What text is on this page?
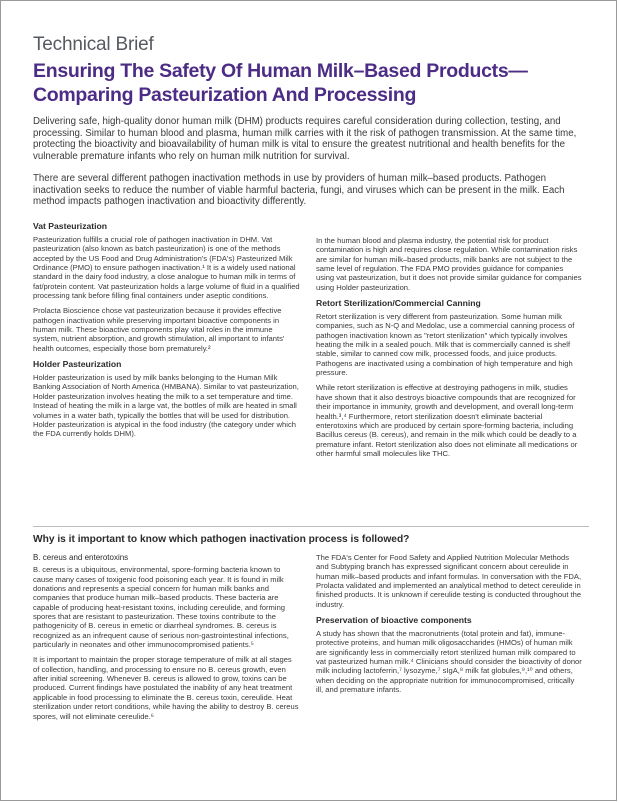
Technical Brief
Ensuring The Safety Of Human Milk–Based Products—Comparing Pasteurization And Processing

Delivering safe, high-quality donor human milk (DHM) products requires careful consideration during collection, testing, and processing. Similar to human blood and plasma, human milk carries with it the risk of pathogen transmission. At the same time, protecting the bioactivity and bioavailability of human milk is vital to ensure the greatest nutritional and health benefits for the vulnerable premature infants who rely on human milk nutrition for survival.

There are several different pathogen inactivation methods in use by providers of human milk–based products. Pathogen inactivation seeks to reduce the number of viable harmful bacteria, fungi, and viruses which can be present in the milk. Each method impacts pathogen inactivation and bioactivity differently.

Vat Pasteurization

Pasteurization fulfills a crucial role of pathogen inactivation in DHM. Vat pasteurization (also known as batch pasteurization) is one of the methods accepted by the US Food and Drug Administration's (FDA's) Pasteurized Milk Ordinance (PMO) to ensure pathogen inactivation.¹ It is a widely used national standard in the dairy food industry, a close analogue to human milk in terms of fat/protein content. Vat pasteurization holds a large volume of fluid in a qualified processing tank before filling final containers under aseptic conditions.

Prolacta Bioscience chose vat pasteurization because it provides effective pathogen inactivation while preserving important bioactive components in human milk. These bioactive components play vital roles in the immune system, nutrient absorption, and growth stimulation, all important to infants' health outcomes, especially those born prematurely.²

Holder Pasteurization

Holder pasteurization is used by milk banks belonging to the Human Milk Banking Association of North America (HMBANA). Similar to vat pasteurization, Holder pasteurization involves heating the milk to a set temperature and time. Instead of heating the milk in a large vat, the bottles of milk are heated in small volumes in a water bath, typically the bottles that will be used for distribution. Holder pasteurization is atypical in the food industry (the category under which the FDA currently holds DHM).

In the human blood and plasma industry, the potential risk for product contamination is high and requires close regulation. While contamination risks are similar for human milk–based products, milk banks are not subject to the same level of regulation. The FDA PMO provides guidance for companies using vat pasteurization, but it does not provide similar guidance for companies using Holder pasteurization.

Retort Sterilization/Commercial Canning

Retort sterilization is very different from pasteurization. Some human milk companies, such as N-Q and Medolac, use a commercial canning process of pathogen inactivation known as "retort sterilization" which typically involves heating the milk in a sealed pouch. Milk that is commercially canned is shelf stable, similar to canned cow milk, processed foods, and juice products. Pathogens are inactivated using a combination of high temperature and high pressure.

While retort sterilization is effective at destroying pathogens in milk, studies have shown that it also destroys bioactive compounds that are recognized for their importance in immunity, growth and development, and overall long-term health.³,⁴ Furthermore, retort sterilization doesn't eliminate bacterial enterotoxins which are produced by certain spore-forming bacteria, including Bacillus cereus (B. cereus), and remain in the milk which could be deadly to a premature infant. Retort sterilization also does not eliminate all medications or other harmful small molecules like THC.

Why is it important to know which pathogen inactivation process is followed?
B. cereus and enterotoxins

B. cereus is a ubiquitous, environmental, spore-forming bacteria known to cause many cases of toxigenic food poisoning each year. It is found in milk donations and represents a special concern for human milk banks and companies that produce human milk–based products. These bacteria are capable of producing heat-resistant toxins, including cereulide, and forming spores that are resistant to pasteurization. These toxins contribute to the pathogenicity of B. cereus in emetic or diarrheal syndromes. B. cereus is recognized as an infrequent cause of serious non-gastrointestinal infections, particularly in neonates and other immunocompromised patients.⁵

It is important to maintain the proper storage temperature of milk at all stages of collection, handling, and processing to ensure no B. cereus growth, even after initial screening. Whenever B. cereus is allowed to grow, toxins can be produced. Current findings have postulated the inability of any heat treatment applicable in food processing to eliminate the B. cereus toxin, cereulide. Heat sterilization under retort conditions, while having the ability to destroy B. cereus spores, will not eliminate cereulide.⁶

The FDA's Center for Food Safety and Applied Nutrition Molecular Methods and Subtyping branch has expressed significant concern about cereulide in human milk–based products and infant formulas. In conversation with the FDA, Prolacta validated and implemented an analytical method to detect cereulide in finished products. It is unknown if cereulide testing is conducted throughout the industry.

Preservation of bioactive components

A study has shown that the macronutrients (total protein and fat), immune-protective proteins, and human milk oligosaccharides (HMOs) of human milk are significantly less in commercially retort sterilized human milk compared to vat pasteurized human milk.⁴ Clinicians should consider the bioactivity of donor milk including lactoferrin,⁷ lysozyme,⁷ sIgA,⁸ milk fat globules,⁹,¹⁰ and others, when deciding on the appropriate nutrition for immunocompromised, critically ill, and premature infants.
